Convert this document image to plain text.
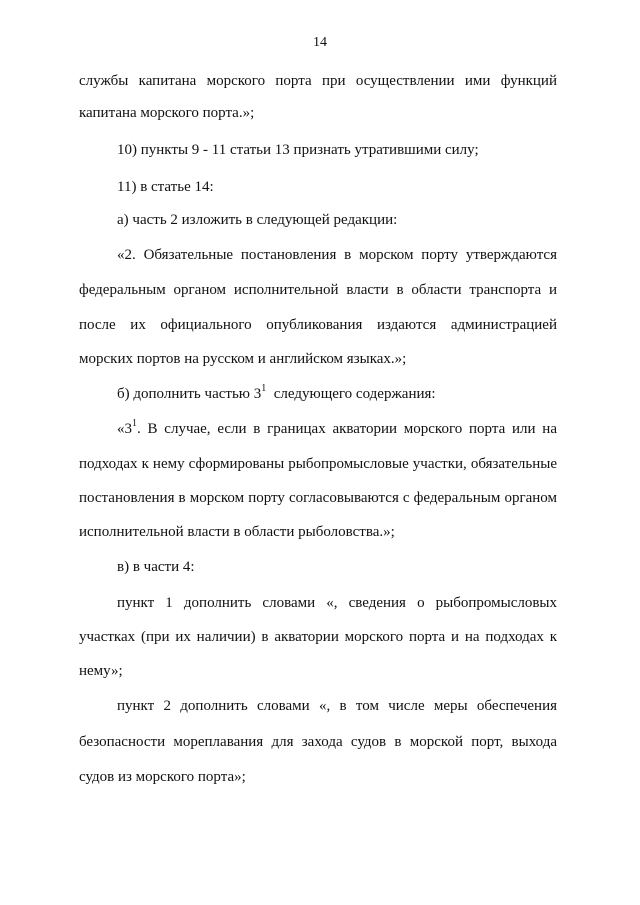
14
службы капитана морского порта при осуществлении ими функций
капитана морского порта.»;
10) пункты 9 - 11 статьи 13 признать утратившими силу;
11) в статье 14:
а) часть 2 изложить в следующей редакции:
«2. Обязательные постановления в морском порту утверждаются
федеральным органом исполнительной власти в области транспорта и
после их официального опубликования издаются администрацией
морских портов на русском и английском языках.»;
б) дополнить частью $3^1$ следующего содержания:
«$3^1$. В случае, если в границах акватории морского порта или на
подходах к нему сформированы рыбопромысловые участки, обязательные
постановления в морском порту согласовываются с федеральным органом
исполнительной власти в области рыболовства.»;
в) в части 4:
пункт 1 дополнить словами «, сведения о рыбопромысловых
участках (при их наличии) в акватории морского порта и на подходах к
нему»;
пункт 2 дополнить словами «, в том числе меры обеспечения
безопасности мореплавания для захода судов в морской порт, выхода
судов из морского порта»;
